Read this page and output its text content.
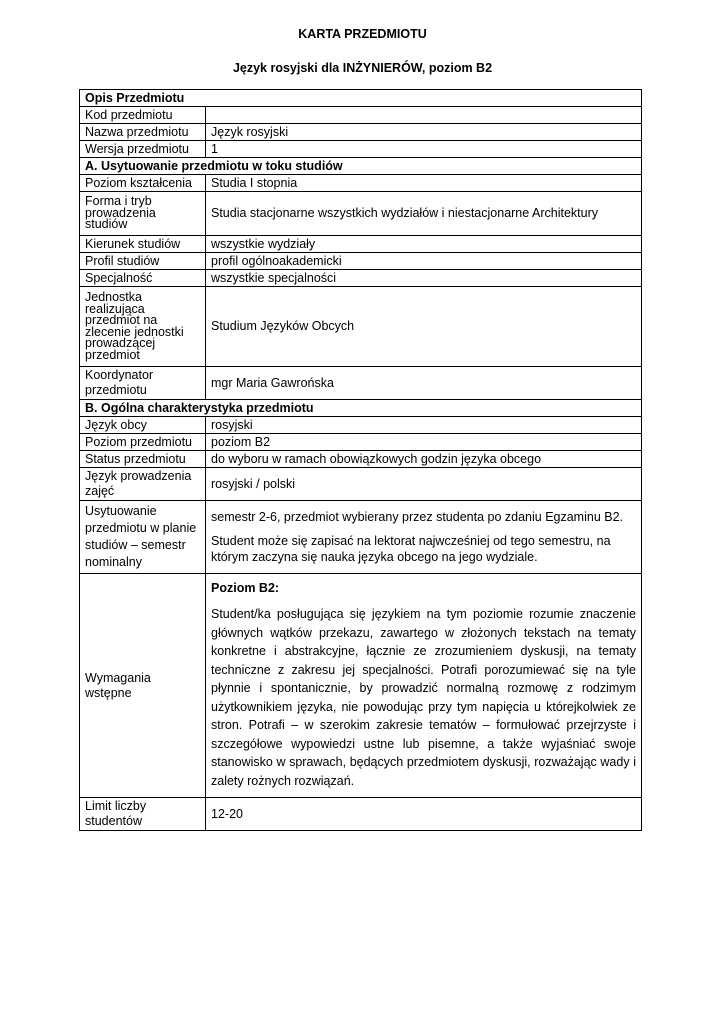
KARTA PRZEDMIOTU
Język rosyjski dla INŻYNIERÓW, poziom B2
Opis Przedmiotu	
Kod przedmiotu	
Nazwa przedmiotu	Język rosyjski
Wersja przedmiotu	1
A. Usytuowanie przedmiotu w toku studiów	
Poziom kształcenia	Studia I stopnia
Forma i tryb prowadzenia studiów	Studia stacjonarne wszystkich wydziałów i niestacjonarne Architektury
Kierunek studiów	wszystkie wydziały
Profil studiów	profil ogólnoakademicki
Specjalność	wszystkie specjalności
Jednostka realizująca przedmiot na zlecenie jednostki prowadzącej przedmiot	Studium Języków Obcych
Koordynator przedmiotu	mgr Maria Gawrońska
B. Ogólna charakterystyka przedmiotu	
Język obcy	rosyjski
Poziom przedmiotu	poziom B2
Status przedmiotu	do wyboru w ramach obowiązkowych godzin języka obcego
Język prowadzenia zajęć	rosyjski / polski
Usytuowanie przedmiotu w planie studiów – semestr nominalny	semestr 2-6, przedmiot wybierany przez studenta po zdaniu Egzaminu B2.

Student może się zapisać na lektorat najwcześniej od tego semestru, na którym zaczyna się nauka języka obcego na jego wydziale.

Wymagania wstępne	Poziom B2:

Student/ka posługująca się językiem na tym poziomie rozumie znaczenie głównych wątków przekazu, zawartego w złożonych tekstach na tematy konkretne i abstrakcyjne, łącznie ze zrozumieniem dyskusji, na tematy techniczne z zakresu jej specjalności. Potrafi porozumiewać się na tyle płynnie i spontanicznie, by prowadzić normalną rozmowę z rodzimym użytkownikiem języka, nie powodując przy tym napięcia u którejkolwiek ze stron. Potrafi – w szerokim zakresie tematów – formułować przejrzyste i szczegółowe wypowiedzi ustne lub pisemne, a także wyjaśniać swoje stanowisko w sprawach, będących przedmiotem dyskusji, rozważając wady i zalety rożnych rozwiązań.

Limit liczby studentów	12-20
